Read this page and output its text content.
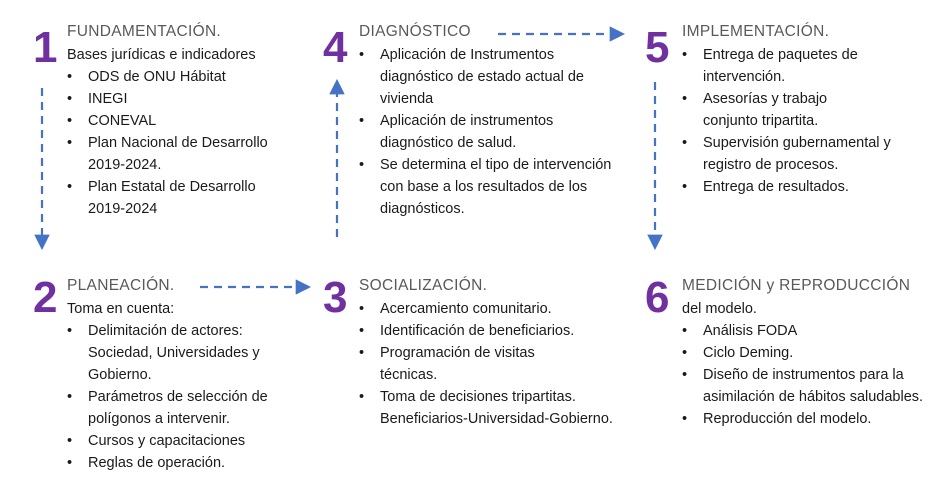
1 FUNDAMENTACIÓN.
Bases jurídicas e indicadores
• ODS de ONU Hábitat
• INEGI
• CONEVAL
• Plan Nacional de Desarrollo 2019-2024.
• Plan Estatal de Desarrollo 2019-2024
4 DIAGNÓSTICO
• Aplicación de Instrumentos diagnóstico de estado actual de vivienda
• Aplicación de instrumentos diagnóstico de salud.
• Se determina el tipo de intervención con base a los resultados de los diagnósticos.
5 IMPLEMENTACIÓN.
• Entrega de paquetes de intervención.
• Asesorías y trabajo conjunto tripartita.
• Supervisión gubernamental y registro de procesos.
• Entrega de resultados.
2 PLANEACIÓN.
Toma en cuenta:
• Delimitación de actores: Sociedad, Universidades y Gobierno.
• Parámetros de selección de polígonos a intervenir.
• Cursos y capacitaciones
• Reglas de operación.
3 SOCIALIZACIÓN.
• Acercamiento comunitario.
• Identificación de beneficiarios.
• Programación de visitas técnicas.
• Toma de decisiones tripartitas. Beneficiarios-Universidad-Gobierno.
6 MEDICIÓN y REPRODUCCIÓN
del modelo.
• Análisis FODA
• Ciclo Deming.
• Diseño de instrumentos para la asimilación de hábitos saludables.
• Reproducción del modelo.
